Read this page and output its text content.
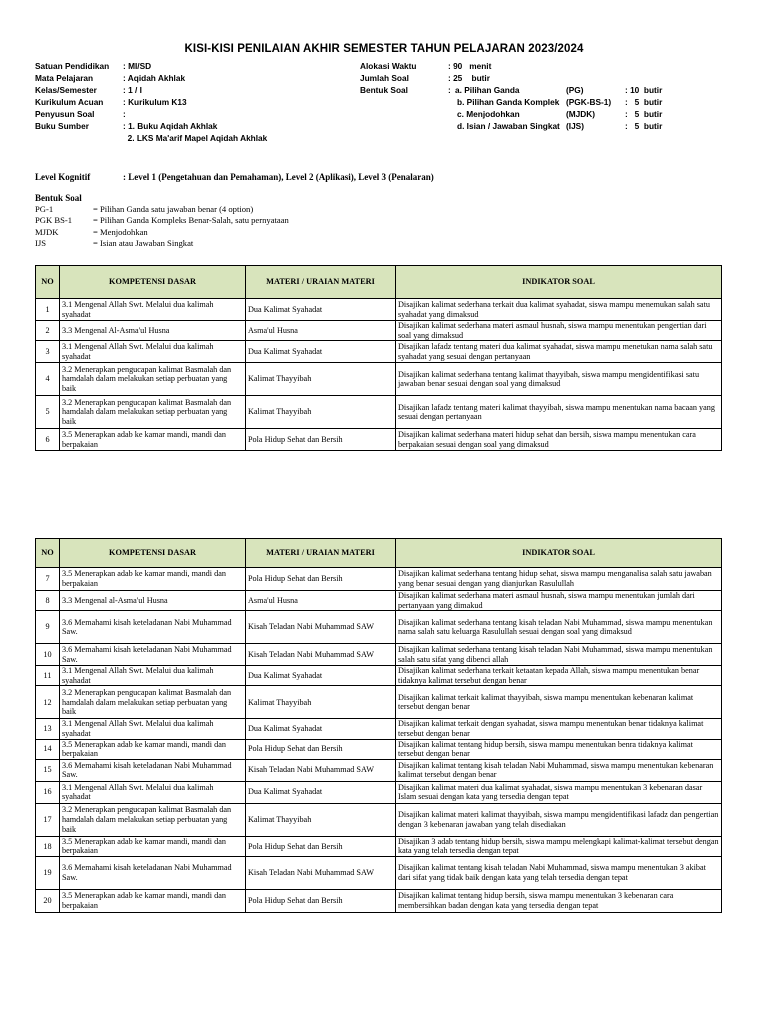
KISI-KISI PENILAIAN AKHIR SEMESTER TAHUN PELAJARAN 2023/2024
Satuan Pendidikan : MI/SD
Mata Pelajaran	: Aqidah Akhlak
Kelas/Semester	: 1 / I
Kurikulum Acuan : Kurikulum K13
Penyusun Soal	:
Buku Sumber	: 1. Buku Aqidah Akhlak
2. LKS Ma'arif Mapel Aqidah Akhlak
Alokasi Waktu	: 90   menit
Jumlah Soal	: 25    butir
Bentuk Soal	: a. Pilihan Ganda	(PG)	: 10  butir
b. Pilihan Ganda Komplek (PGK-BS-1) :   5  butir
c. Menjodohkan	(MJDK)	:   5  butir
d. Isian / Jawaban Singkat (IJS)	:   5  butir
Level Kognitif	: Level 1 (Pengetahuan dan Pemahaman), Level 2 (Aplikasi), Level 3 (Penalaran)
Bentuk Soal
PG-1	= Pilihan Ganda satu jawaban benar (4 option)
PGK BS-1 = Pilihan Ganda Kompleks Benar-Salah, satu pernyataan
MJDK	= Menjodohkan
IJS	= Isian atau Jawaban Singkat
NO	KOMPETENSI DASAR	MATERI / URAIAN MATERI	INDIKATOR SOAL
1	3.1 Mengenal Allah Swt. Melalui dua kalimah syahadat	Dua Kalimat Syahadat	Disajikan kalimat sederhana terkait dua kalimat syahadat, siswa mampu menemukan salah satu syahadat yang dimaksud
2	3.3 Mengenal Al-Asma'ul Husna	Asma'ul Husna	Disajikan kalimat sederhana materi asmaul husnah, siswa mampu menentukan pengertian dari soal yang dimaksud
3	3.1 Mengenal Allah Swt. Melalui dua kalimah syahadat	Dua Kalimat Syahadat	Disajikan lafadz tentang materi dua kalimat syahadat, siswa mampu menetukan nama salah satu syahadat yang sesuai dengan pertanyaan
4	3.2 Menerapkan pengucapan kalimat Basmalah dan hamdalah dalam melakukan setiap perbuatan yang baik	Kalimat Thayyibah	Disajikan kalimat sederhana tentang kalimat thayyibah, siswa mampu mengidentifikasi satu jawaban benar sesuai dengan soal yang dimaksud
5	3.2 Menerapkan pengucapan kalimat Basmalah dan hamdalah dalam melakukan setiap perbuatan yang baik	Kalimat Thayyibah	Disajikan lafadz tentang materi kalimat thayyibah, siswa mampu menentukan nama bacaan yang sesuai dengan pertanyaan
6	3.5 Menerapkan adab ke kamar mandi, mandi dan berpakaian	Pola Hidup Sehat dan Bersih	Disajikan kalimat sederhana materi hidup sehat dan bersih, siswa mampu menentukan cara berpakaian sesuai dengan soal yang dimaksud
NO	KOMPETENSI DASAR	MATERI / URAIAN MATERI	INDIKATOR SOAL
7	3.5 Menerapkan adab ke kamar mandi, mandi dan berpakaian	Pola Hidup Sehat dan Bersih	Disajikan kalimat sederhana tentang hidup sehat, siswa mampu menganalisa salah satu jawaban yang benar sesuai dengan yang dianjurkan Rasulullah
8	3.3 Mengenal al-Asma'ul Husna	Asma'ul Husna	Disajikan kalimat sederhana materi asmaul husnah, siswa mampu menentukan jumlah dari pertanyaan yang dimakud
9	3.6 Memahami kisah keteladanan Nabi Muhammad Saw.	Kisah Teladan Nabi Muhammad SAW	Disajikan kalimat sederhana tentang kisah teladan Nabi Muhammad, siswa mampu menentukan nama salah satu keluarga Rasulullah sesuai dengan soal yang dimaksud
10	3.6 Memahami kisah keteladanan Nabi Muhammad Saw.	Kisah Teladan Nabi Muhammad SAW	Disajikan kalimat sederhana tentang kisah teladan Nabi Muhammad, siswa mampu menentukan salah satu sifat yang dibenci allah
11	3.1 Mengenal Allah Swt. Melalui dua kalimah syahadat	Dua Kalimat Syahadat	Disajikan kalimat sederhana terkait ketaatan kepada Allah, siswa mampu menentukan benar tidaknya kalimat tersebut dengan benar
12	3.2 Menerapkan pengucapan kalimat Basmalah dan hamdalah dalam melakukan setiap perbuatan yang baik	Kalimat Thayyibah	Disajikan kalimat terkait kalimat thayyibah, siswa mampu menentukan kebenaran kalimat tersebut dengan benar
13	3.1 Mengenal Allah Swt. Melalui dua kalimah syahadat	Dua Kalimat Syahadat	Disajikan kalimat terkait dengan syahadat, siswa mampu menentukan benar tidaknya kalimat tersebut dengan benar
14	3.5 Menerapkan adab ke kamar mandi, mandi dan berpakaian	Pola Hidup Sehat dan Bersih	Disajikan kalimat tentang hidup bersih, siswa mampu menentukan benra tidaknya kalimat tersebut dengan benar
15	3.6 Memahami kisah keteladanan Nabi Muhammad Saw.	Kisah Teladan Nabi Muhammad SAW	Disajikan kalimat tentang kisah teladan Nabi Muhammad, siswa mampu menentukan kebenaran kalimat tersebut dengan benar
16	3.1 Mengenal Allah Swt. Melalui dua kalimah syahadat	Dua Kalimat Syahadat	Disajikan kalimat materi dua kalimat syahadat, siswa mampu menentukan 3 kebenaran dasar Islam sesuai dengan kata yang tersedia dengan tepat
17	3.2 Menerapkan pengucapan kalimat Basmalah dan hamdalah dalam melakukan setiap perbuatan yang baik	Kalimat Thayyibah	Disajikan kalimat materi kalimat thayyibah, siswa mampu mengidentifikasi lafadz dan pengertian dengan 3 kebenaran jawaban yang telah disediakan
18	3.5 Menerapkan adab ke kamar mandi, mandi dan berpakaian	Pola Hidup Sehat dan Bersih	Disajikan 3 adab tentang hidup bersih, siswa mampu melengkapi kalimat-kalimat tersebut dengan kata yang telah tersedia dengan tepat
19	3.6 Memahami kisah keteladanan Nabi Muhammad Saw.	Kisah Teladan Nabi Muhammad SAW	Disajikan kalimat tentang kisah teladan Nabi Muhammad, siswa mampu menentukan 3 akibat dari sifat yang tidak baik dengan kata yang telah tersedia dengan tepat
20	3.5 Menerapkan adab ke kamar mandi, mandi dan berpakaian	Pola Hidup Sehat dan Bersih	Disajikan kalimat tentang hidup bersih, siswa mampu menentukan 3 kebenaran cara membersihkan badan dengan kata yang tersedia dengan tepat
